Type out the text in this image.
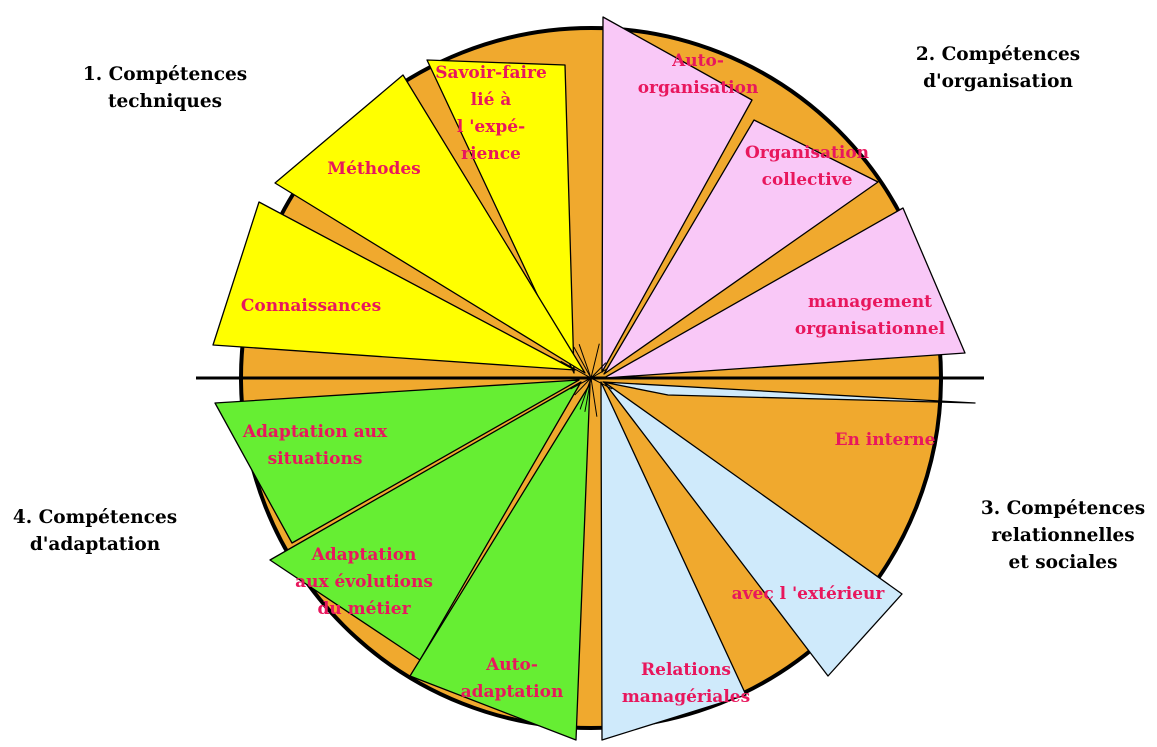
Savoir-faire lié à l 'expé-rience
Méthodes
Connaissances
Auto-organisation
Organisation collective
management organisationnel
En interne
avec l 'extérieur
Relations managériales
Adaptation aux situations
Adaptation aux évolutions du métier
Auto-adaptation
1. Compétences techniques
2. Compétences d'organisation
3. Compétences relationnelles et sociales
4. Compétences d'adaptation
